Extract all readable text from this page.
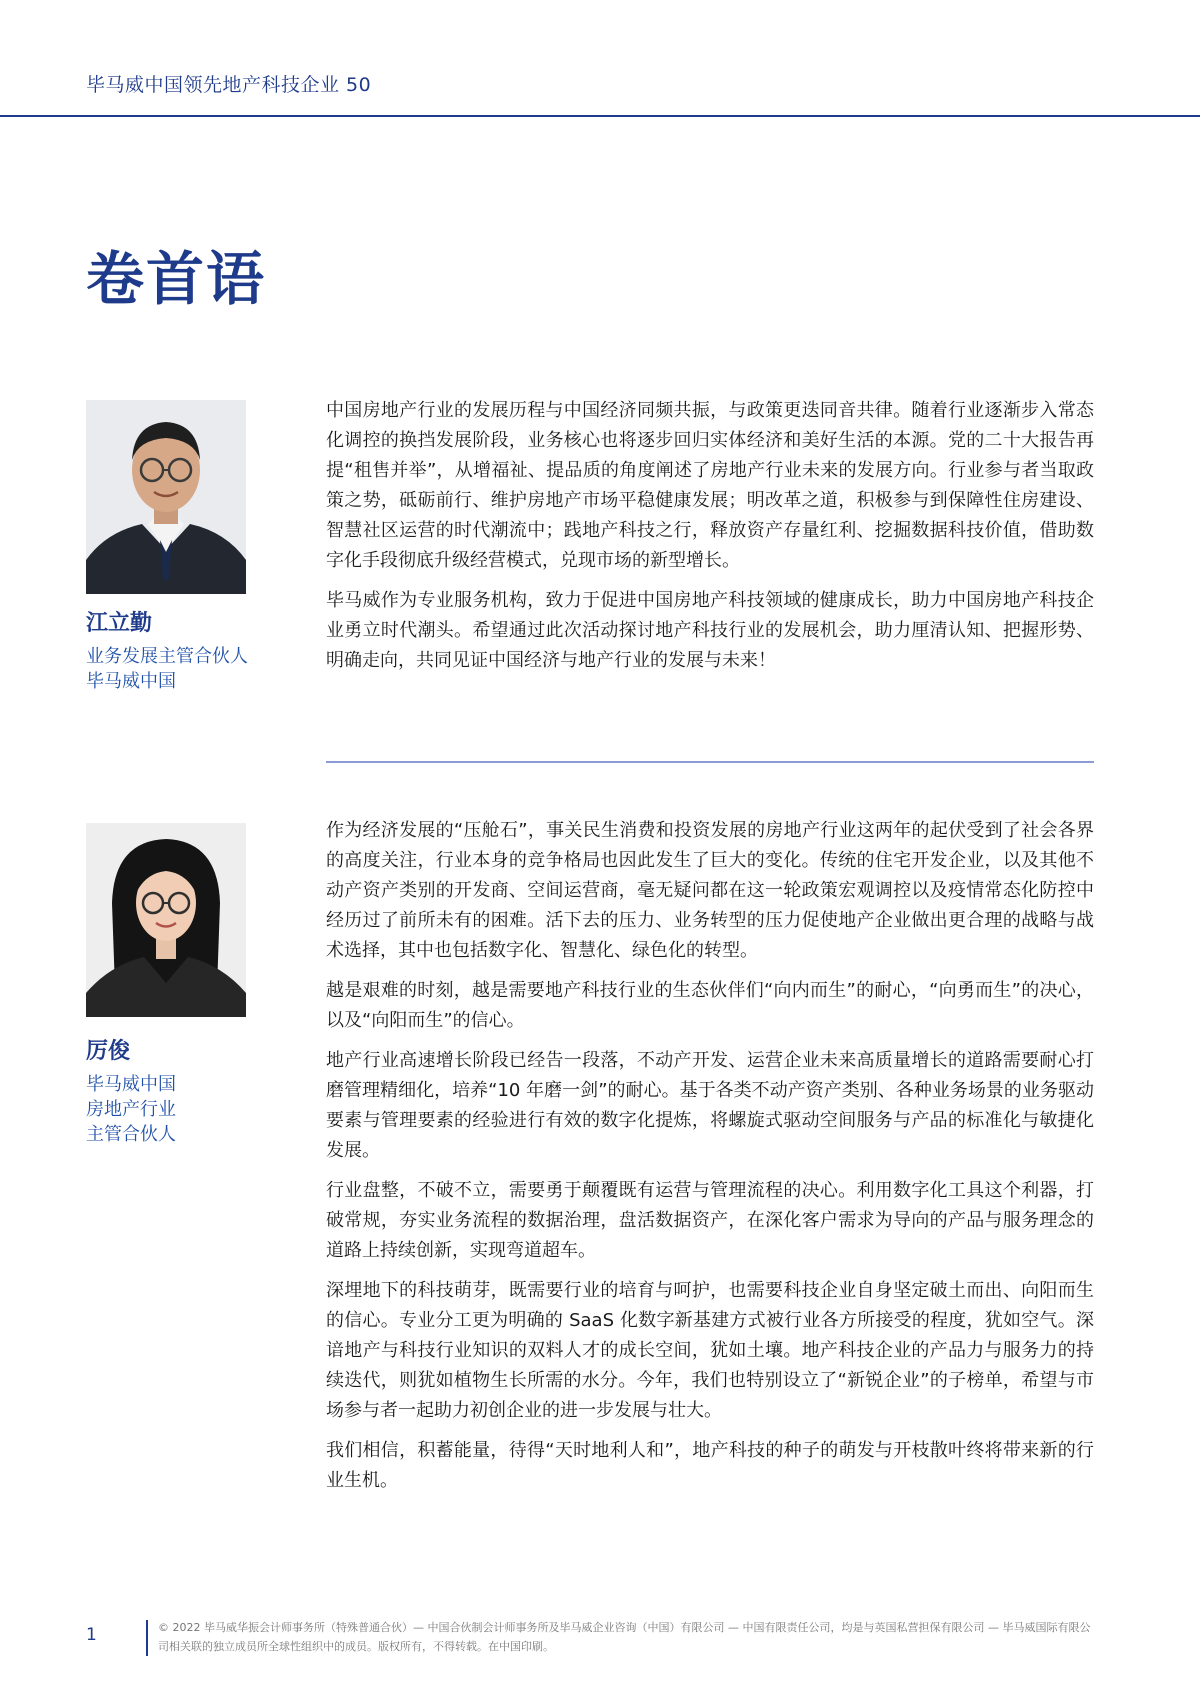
毕马威中国领先地产科技企业 50
卷首语
江立勤
业务发展主管合伙人
毕马威中国

中国房地产行业的发展历程与中国经济同频共振，与政策更迭同音共律。随着行业逐渐步入常态化调控的换挡发展阶段，业务核心也将逐步回归实体经济和美好生活的本源。党的二十大报告再提“租售并举”，从增福祉、提品质的角度阐述了房地产行业未来的发展方向。行业参与者当取政策之势，砥砺前行、维护房地产市场平稳健康发展；明改革之道，积极参与到保障性住房建设、智慧社区运营的时代潮流中；践地产科技之行，释放资产存量红利、挖掘数据科技价值，借助数字化手段彻底升级经营模式，兑现市场的新型增长。

毕马威作为专业服务机构，致力于促进中国房地产科技领域的健康成长，助力中国房地产科技企业勇立时代潮头。希望通过此次活动探讨地产科技行业的发展机会，助力厘清认知、把握形势、明确走向，共同见证中国经济与地产行业的发展与未来！

厉俊
毕马威中国
房地产行业
主管合伙人

作为经济发展的“压舱石”，事关民生消费和投资发展的房地产行业这两年的起伏受到了社会各界的高度关注，行业本身的竞争格局也因此发生了巨大的变化。传统的住宅开发企业，以及其他不动产资产类别的开发商、空间运营商，毫无疑问都在这一轮政策宏观调控以及疫情常态化防控中经历过了前所未有的困难。活下去的压力、业务转型的压力促使地产企业做出更合理的战略与战术选择，其中也包括数字化、智慧化、绿色化的转型。

越是艰难的时刻，越是需要地产科技行业的生态伙伴们“向内而生”的耐心，“向勇而生”的决心，以及“向阳而生”的信心。

地产行业高速增长阶段已经告一段落，不动产开发、运营企业未来高质量增长的道路需要耐心打磨管理精细化，培养“10 年磨一剑”的耐心。基于各类不动产资产类别、各种业务场景的业务驱动要素与管理要素的经验进行有效的数字化提炼，将螺旋式驱动空间服务与产品的标准化与敏捷化发展。

行业盘整，不破不立，需要勇于颠覆既有运营与管理流程的决心。利用数字化工具这个利器，打破常规，夯实业务流程的数据治理，盘活数据资产，在深化客户需求为导向的产品与服务理念的道路上持续创新，实现弯道超车。

深埋地下的科技萌芽，既需要行业的培育与呵护，也需要科技企业自身坚定破土而出、向阳而生的信心。专业分工更为明确的 SaaS 化数字新基建方式被行业各方所接受的程度，犹如空气。深谙地产与科技行业知识的双料人才的成长空间，犹如土壤。地产科技企业的产品力与服务力的持续迭代，则犹如植物生长所需的水分。今年，我们也特别设立了“新锐企业”的子榜单，希望与市场参与者一起助力初创企业的进一步发展与壮大。

我们相信，积蓄能量，待得“天时地利人和”，地产科技的种子的萌发与开枝散叶终将带来新的行业生机。

1	© 2022 毕马威华振会计师事务所（特殊普通合伙）— 中国合伙制会计师事务所及毕马威企业咨询（中国）有限公司 — 中国有限责任公司，均是与英国私营担保有限公司 — 毕马威国际有限公司相关联的独立成员所全球性组织中的成员。版权所有，不得转载。在中国印刷。
